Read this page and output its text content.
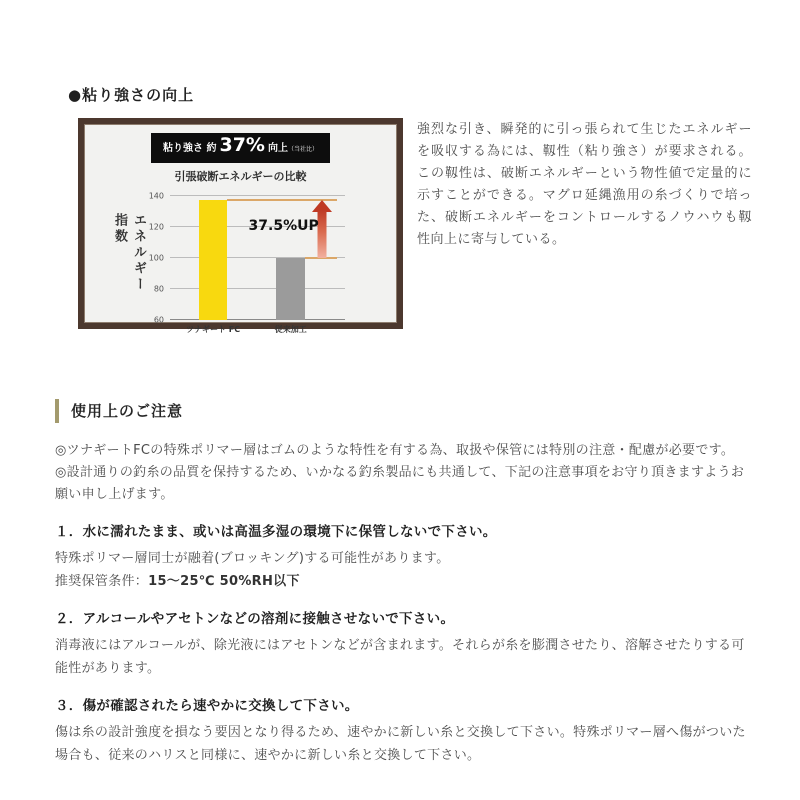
●粘り強さの向上
粘り強さ 約 37% 向上（当社比）
引張破断エネルギーの比較
エネルギー指数
140
120
100
80
60
ツナギート FC	従来加工
37.5%UP

強烈な引き、瞬発的に引っ張られて生じたエネルギーを吸収する為には、靱性（粘り強さ）が要求される。この靱性は、破断エネルギーという物性値で定量的に示すことができる。マグロ延縄漁用の糸づくりで培った、破断エネルギーをコントロールするノウハウも靱性向上に寄与している。

使用上のご注意

◎ツナギートFCの特殊ポリマー層はゴムのような特性を有する為、取扱や保管には特別の注意・配慮が必要です。

◎設計通りの釣糸の品質を保持するため、いかなる釣糸製品にも共通して、下記の注意事項をお守り頂きますようお願い申し上げます。

１．水に濡れたまま、或いは高温多湿の環境下に保管しないで下さい。
特殊ポリマー層同士が融着(ブロッキング)する可能性があります。
推奨保管条件：15～25℃ 50%RH以下
２．アルコールやアセトンなどの溶剤に接触させないで下さい。
消毒液にはアルコールが、除光液にはアセトンなどが含まれます。それらが糸を膨潤させたり、溶解させたりする可能性があります。
３．傷が確認されたら速やかに交換して下さい。
傷は糸の設計強度を損なう要因となり得るため、速やかに新しい糸と交換して下さい。特殊ポリマー層へ傷がついた場合も、従来のハリスと同様に、速やかに新しい糸と交換して下さい。
